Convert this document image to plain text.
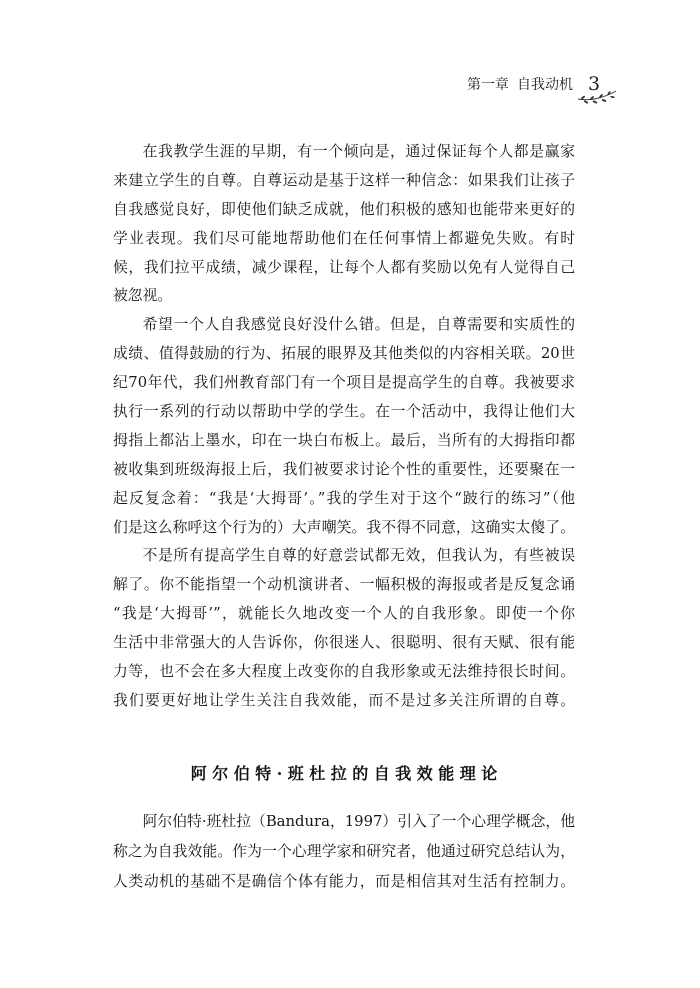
第一章 自我动机 3
在我教学生涯的早期，有一个倾向是，通过保证每个人都是赢家
来建立学生的自尊。自尊运动是基于这样一种信念：如果我们让孩子
自我感觉良好，即使他们缺乏成就，他们积极的感知也能带来更好的
学业表现。我们尽可能地帮助他们在任何事情上都避免失败。有时
候，我们拉平成绩，减少课程，让每个人都有奖励以免有人觉得自己
被忽视。
希望一个人自我感觉良好没什么错。但是，自尊需要和实质性的
成绩、值得鼓励的行为、拓展的眼界及其他类似的内容相关联。20世
纪70年代，我们州教育部门有一个项目是提高学生的自尊。我被要求
执行一系列的行动以帮助中学的学生。在一个活动中，我得让他们大
拇指上都沾上墨水，印在一块白布板上。最后，当所有的大拇指印都
被收集到班级海报上后，我们被要求讨论个性的重要性，还要聚在一
起反复念着：“我是‘大拇哥’。”我的学生对于这个“跛行的练习”（他
们是这么称呼这个行为的）大声嘲笑。我不得不同意，这确实太傻了。
不是所有提高学生自尊的好意尝试都无效，但我认为，有些被误
解了。你不能指望一个动机演讲者、一幅积极的海报或者是反复念诵
“我是‘大拇哥’”，就能长久地改变一个人的自我形象。即使一个你
生活中非常强大的人告诉你，你很迷人、很聪明、很有天赋、很有能
力等，也不会在多大程度上改变你的自我形象或无法维持很长时间。
我们要更好地让学生关注自我效能，而不是过多关注所谓的自尊。
阿尔伯特·班杜拉的自我效能理论
阿尔伯特·班杜拉（Bandura，1997）引入了一个心理学概念，他
称之为自我效能。作为一个心理学家和研究者，他通过研究总结认为，
人类动机的基础不是确信个体有能力，而是相信其对生活有控制力。
